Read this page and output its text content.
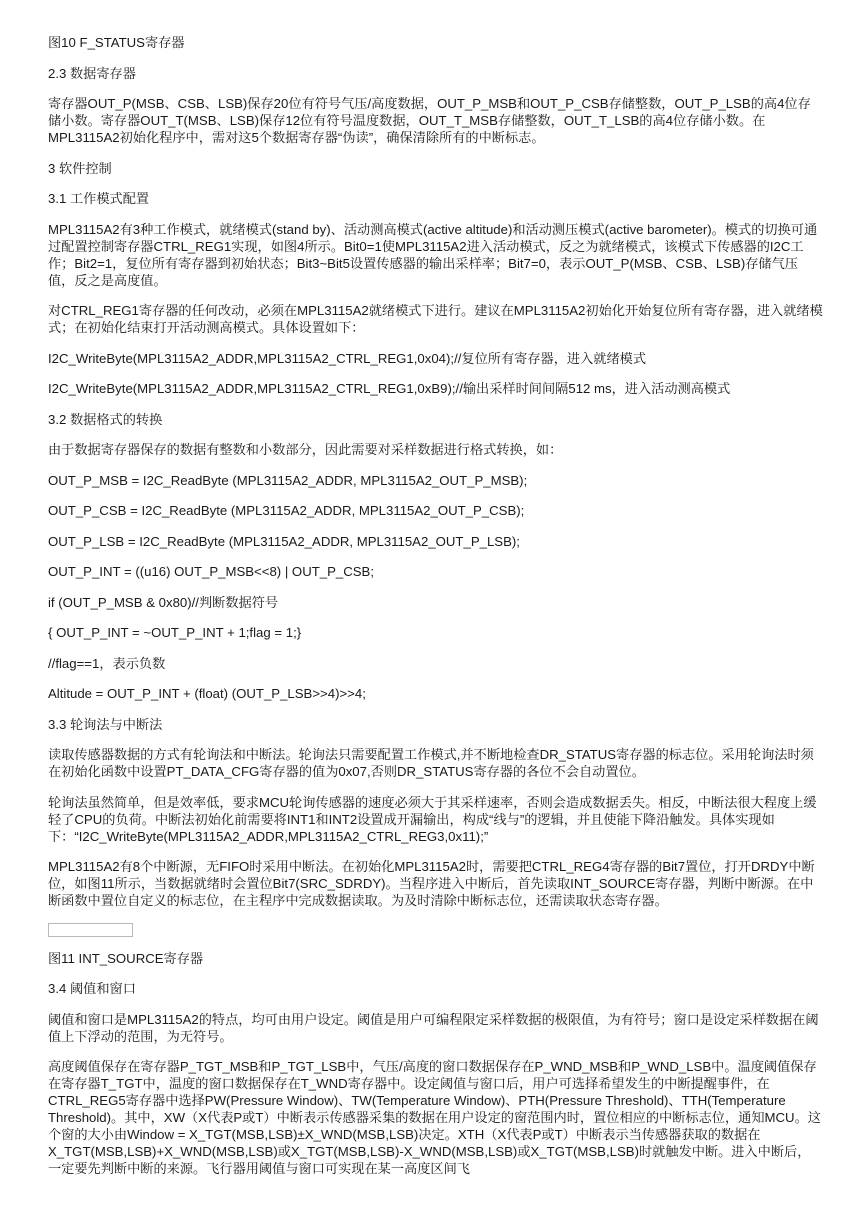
图10 F_STATUS寄存器

2.3 数据寄存器

寄存器OUT_P(MSB、CSB、LSB)保存20位有符号气压/高度数据，OUT_P_MSB和OUT_P_CSB存储整数，OUT_P_LSB的高4位存储小数。寄存器OUT_T(MSB、LSB)保存12位有符号温度数据，OUT_T_MSB存储整数，OUT_T_LSB的高4位存储小数。在MPL3115A2初始化程序中，需对这5个数据寄存器“伪读”，确保清除所有的中断标志。

3 软件控制

3.1 工作模式配置

MPL3115A2有3种工作模式，就绪模式(stand by)、活动测高模式(active altitude)和活动测压模式(active barometer)。模式的切换可通过配置控制寄存器CTRL_REG1实现，如图4所示。Bit0=1使MPL3115A2进入活动模式，反之为就绪模式，该模式下传感器的I2C工作；Bit2=1，复位所有寄存器到初始状态；Bit3~Bit5设置传感器的输出采样率；Bit7=0，表示OUT_P(MSB、CSB、LSB)存储气压值，反之是高度值。

对CTRL_REG1寄存器的任何改动，必须在MPL3115A2就绪模式下进行。建议在MPL3115A2初始化开始复位所有寄存器，进入就绪模式；在初始化结束打开活动测高模式。具体设置如下：

I2C_WriteByte(MPL3115A2_ADDR,MPL3115A2_CTRL_REG1,0x04);//复位所有寄存器，进入就绪模式

I2C_WriteByte(MPL3115A2_ADDR,MPL3115A2_CTRL_REG1,0xB9);//输出采样时间间隔512 ms，进入活动测高模式

3.2 数据格式的转换

由于数据寄存器保存的数据有整数和小数部分，因此需要对采样数据进行格式转换，如：

OUT_P_MSB = I2C_ReadByte (MPL3115A2_ADDR, MPL3115A2_OUT_P_MSB);

OUT_P_CSB = I2C_ReadByte (MPL3115A2_ADDR, MPL3115A2_OUT_P_CSB);

OUT_P_LSB = I2C_ReadByte (MPL3115A2_ADDR, MPL3115A2_OUT_P_LSB);

OUT_P_INT = ((u16) OUT_P_MSB<<8) | OUT_P_CSB;

if (OUT_P_MSB & 0x80)//判断数据符号

{ OUT_P_INT = ~OUT_P_INT + 1;flag = 1;}

//flag==1，表示负数

Altitude = OUT_P_INT + (float) (OUT_P_LSB>>4)>>4;

3.3 轮询法与中断法

读取传感器数据的方式有轮询法和中断法。轮询法只需要配置工作模式,并不断地检查DR_STATUS寄存器的标志位。采用轮询法时须在初始化函数中设置PT_DATA_CFG寄存器的值为0x07,否则DR_STATUS寄存器的各位不会自动置位。

轮询法虽然简单，但是效率低，要求MCU轮询传感器的速度必须大于其采样速率，否则会造成数据丢失。相反，中断法很大程度上缓轻了CPU的负荷。中断法初始化前需要将INT1和INT2设置成开漏输出，构成“线与”的逻辑，并且使能下降沿触发。具体实现如下：“I2C_WriteByte(MPL3115A2_ADDR,MPL3115A2_CTRL_REG3,0x11);”

MPL3115A2有8个中断源，无FIFO时采用中断法。在初始化MPL3115A2时，需要把CTRL_REG4寄存器的Bit7置位，打开DRDY中断位，如图11所示，当数据就绪时会置位Bit7(SRC_SDRDY)。当程序进入中断后，首先读取INT_SOURCE寄存器，判断中断源。在中断函数中置位自定义的标志位，在主程序中完成数据读取。为及时清除中断标志位，还需读取状态寄存器。

图11 INT_SOURCE寄存器

3.4 阈值和窗口

阈值和窗口是MPL3115A2的特点，均可由用户设定。阈值是用户可编程限定采样数据的极限值，为有符号；窗口是设定采样数据在阈值上下浮动的范围，为无符号。

高度阈值保存在寄存器P_TGT_MSB和P_TGT_LSB中，气压/高度的窗口数据保存在P_WND_MSB和P_WND_LSB中。温度阈值保存在寄存器T_TGT中，温度的窗口数据保存在T_WND寄存器中。设定阈值与窗口后，用户可选择希望发生的中断提醒事件，在CTRL_REG5寄存器中选择PW(Pressure Window)、TW(Temperature Window)、PTH(Pressure Threshold)、TTH(Temperature Threshold)。其中，XW（X代表P或T）中断表示传感器采集的数据在用户设定的窗范围内时，置位相应的中断标志位，通知MCU。这个窗的大小由Window = X_TGT(MSB,LSB)±X_WND(MSB,LSB)决定。XTH（X代表P或T）中断表示当传感器获取的数据在X_TGT(MSB,LSB)+X_WND(MSB,LSB)或X_TGT(MSB,LSB)-X_WND(MSB,LSB)或X_TGT(MSB,LSB)时就触发中断。进入中断后，一定要先判断中断的来源。飞行器用阈值与窗口可实现在某一高度区间飞
